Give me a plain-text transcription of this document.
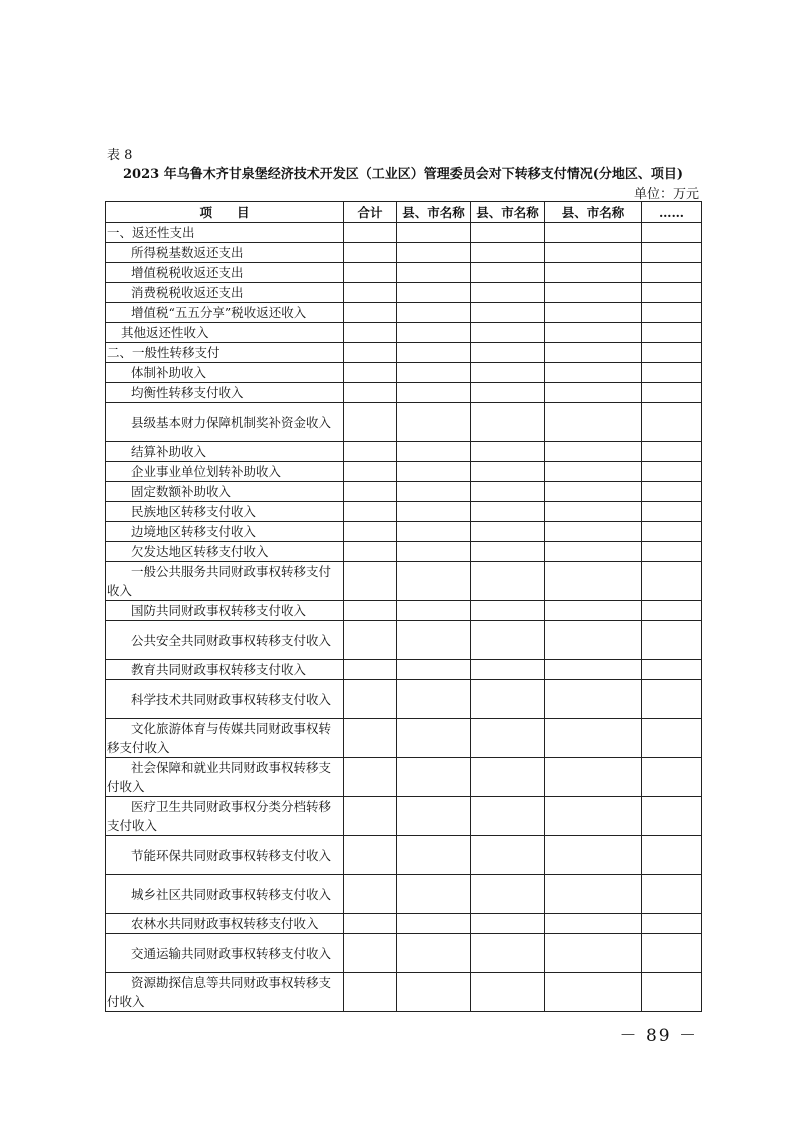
表 8
2023 年乌鲁木齐甘泉堡经济技术开发区（工业区）管理委员会对下转移支付情况(分地区、项目)
单位：万元
项　　目	合计	县、市名称	县、市名称	县、市名称	……

一、返还性支出					

所得税基数返还支出					

增值税税收返还支出					

消费税税收返还支出					

增值税“五五分享”税收返还收入					

其他返还性收入					

二、一般性转移支付					

体制补助收入					

均衡性转移支付收入					

县级基本财力保障机制奖补资金收入					

结算补助收入					

企业事业单位划转补助收入					

固定数额补助收入					

民族地区转移支付收入					

边境地区转移支付收入					

欠发达地区转移支付收入					

一般公共服务共同财政事权转移支付收入					

国防共同财政事权转移支付收入					

公共安全共同财政事权转移支付收入					

教育共同财政事权转移支付收入					

科学技术共同财政事权转移支付收入					

文化旅游体育与传媒共同财政事权转移支付收入					

社会保障和就业共同财政事权转移支付收入					

医疗卫生共同财政事权分类分档转移支付收入					

节能环保共同财政事权转移支付收入					

城乡社区共同财政事权转移支付收入					

农林水共同财政事权转移支付收入					

交通运输共同财政事权转移支付收入					

资源勘探信息等共同财政事权转移支付收入					

－ 89 －
